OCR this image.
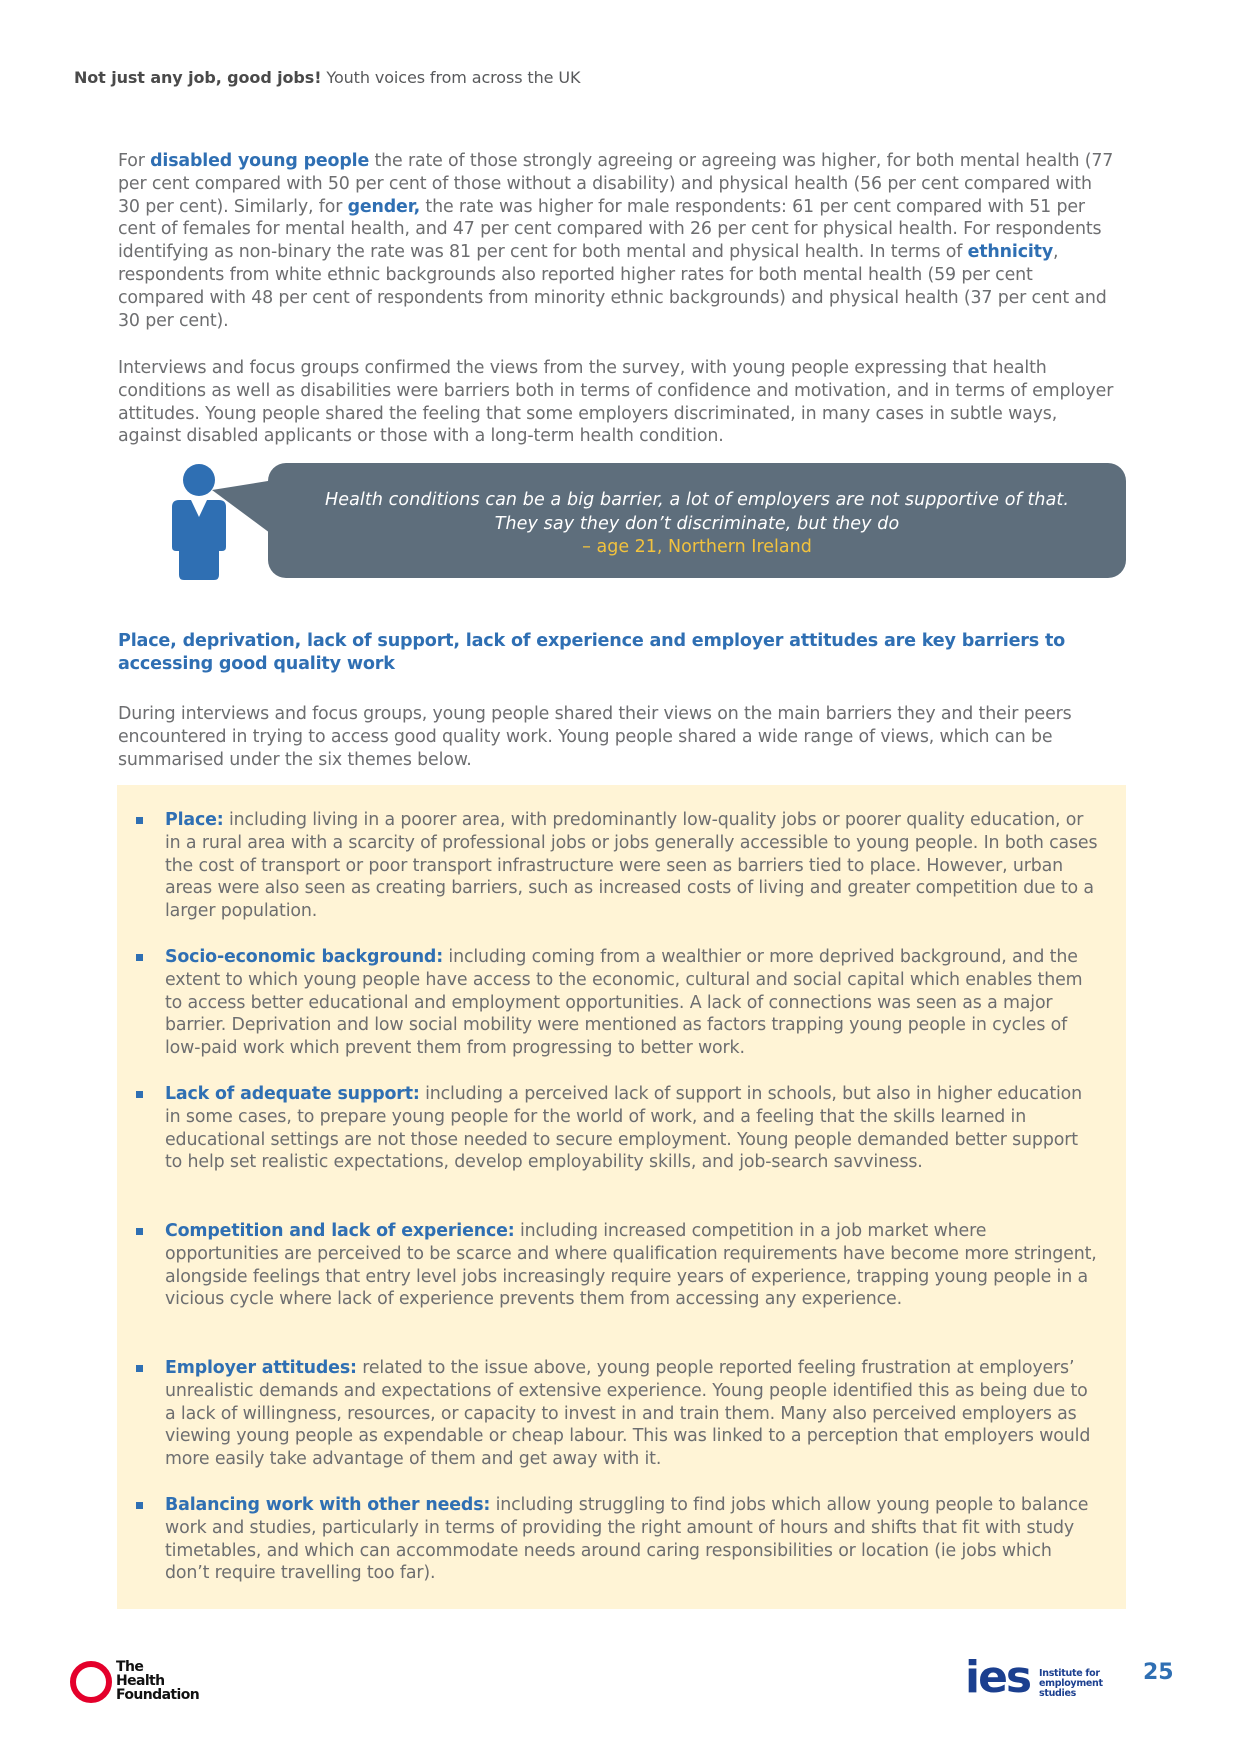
Not just any job, good jobs! Youth voices from across the UK

For disabled young people the rate of those strongly agreeing or agreeing was higher, for both mental health (77 per cent compared with 50 per cent of those without a disability) and physical health (56 per cent compared with 30 per cent). Similarly, for gender, the rate was higher for male respondents: 61 per cent compared with 51 per cent of females for mental health, and 47 per cent compared with 26 per cent for physical health. For respondents identifying as non-binary the rate was 81 per cent for both mental and physical health. In terms of ethnicity, respondents from white ethnic backgrounds also reported higher rates for both mental health (59 per cent compared with 48 per cent of respondents from minority ethnic backgrounds) and physical health (37 per cent and 30 per cent).

Interviews and focus groups confirmed the views from the survey, with young people expressing that health conditions as well as disabilities were barriers both in terms of confidence and motivation, and in terms of employer attitudes. Young people shared the feeling that some employers discriminated, in many cases in subtle ways, against disabled applicants or those with a long-term health condition.

Health conditions can be a big barrier, a lot of employers are not supportive of that.
They say they don’t discriminate, but they do
– age 21, Northern Ireland
Place, deprivation, lack of support, lack of experience and employer attitudes are key barriers to accessing good quality work

During interviews and focus groups, young people shared their views on the main barriers they and their peers encountered in trying to access good quality work. Young people shared a wide range of views, which can be summarised under the six themes below.

Place: including living in a poorer area, with predominantly low-quality jobs or poorer quality education, or in a rural area with a scarcity of professional jobs or jobs generally accessible to young people. In both cases the cost of transport or poor transport infrastructure were seen as barriers tied to place. However, urban areas were also seen as creating barriers, such as increased costs of living and greater competition due to a larger population.
Socio-economic background: including coming from a wealthier or more deprived background, and the extent to which young people have access to the economic, cultural and social capital which enables them to access better educational and employment opportunities. A lack of connections was seen as a major barrier. Deprivation and low social mobility were mentioned as factors trapping young people in cycles of low-paid work which prevent them from progressing to better work.
Lack of adequate support: including a perceived lack of support in schools, but also in higher education in some cases, to prepare young people for the world of work, and a feeling that the skills learned in educational settings are not those needed to secure employment. Young people demanded better support to help set realistic expectations, develop employability skills, and job-search savviness.
Competition and lack of experience: including increased competition in a job market where opportunities are perceived to be scarce and where qualification requirements have become more stringent, alongside feelings that entry level jobs increasingly require years of experience, trapping young people in a vicious cycle where lack of experience prevents them from accessing any experience.
Employer attitudes: related to the issue above, young people reported feeling frustration at employers’ unrealistic demands and expectations of extensive experience. Young people identified this as being due to a lack of willingness, resources, or capacity to invest in and train them. Many also perceived employers as viewing young people as expendable or cheap labour. This was linked to a perception that employers would more easily take advantage of them and get away with it.
Balancing work with other needs: including struggling to find jobs which allow young people to balance work and studies, particularly in terms of providing the right amount of hours and shifts that fit with study timetables, and which can accommodate needs around caring responsibilities or location (ie jobs which don’t require travelling too far).
The
Health
Foundation	ies Institute for
employment
studies
25
